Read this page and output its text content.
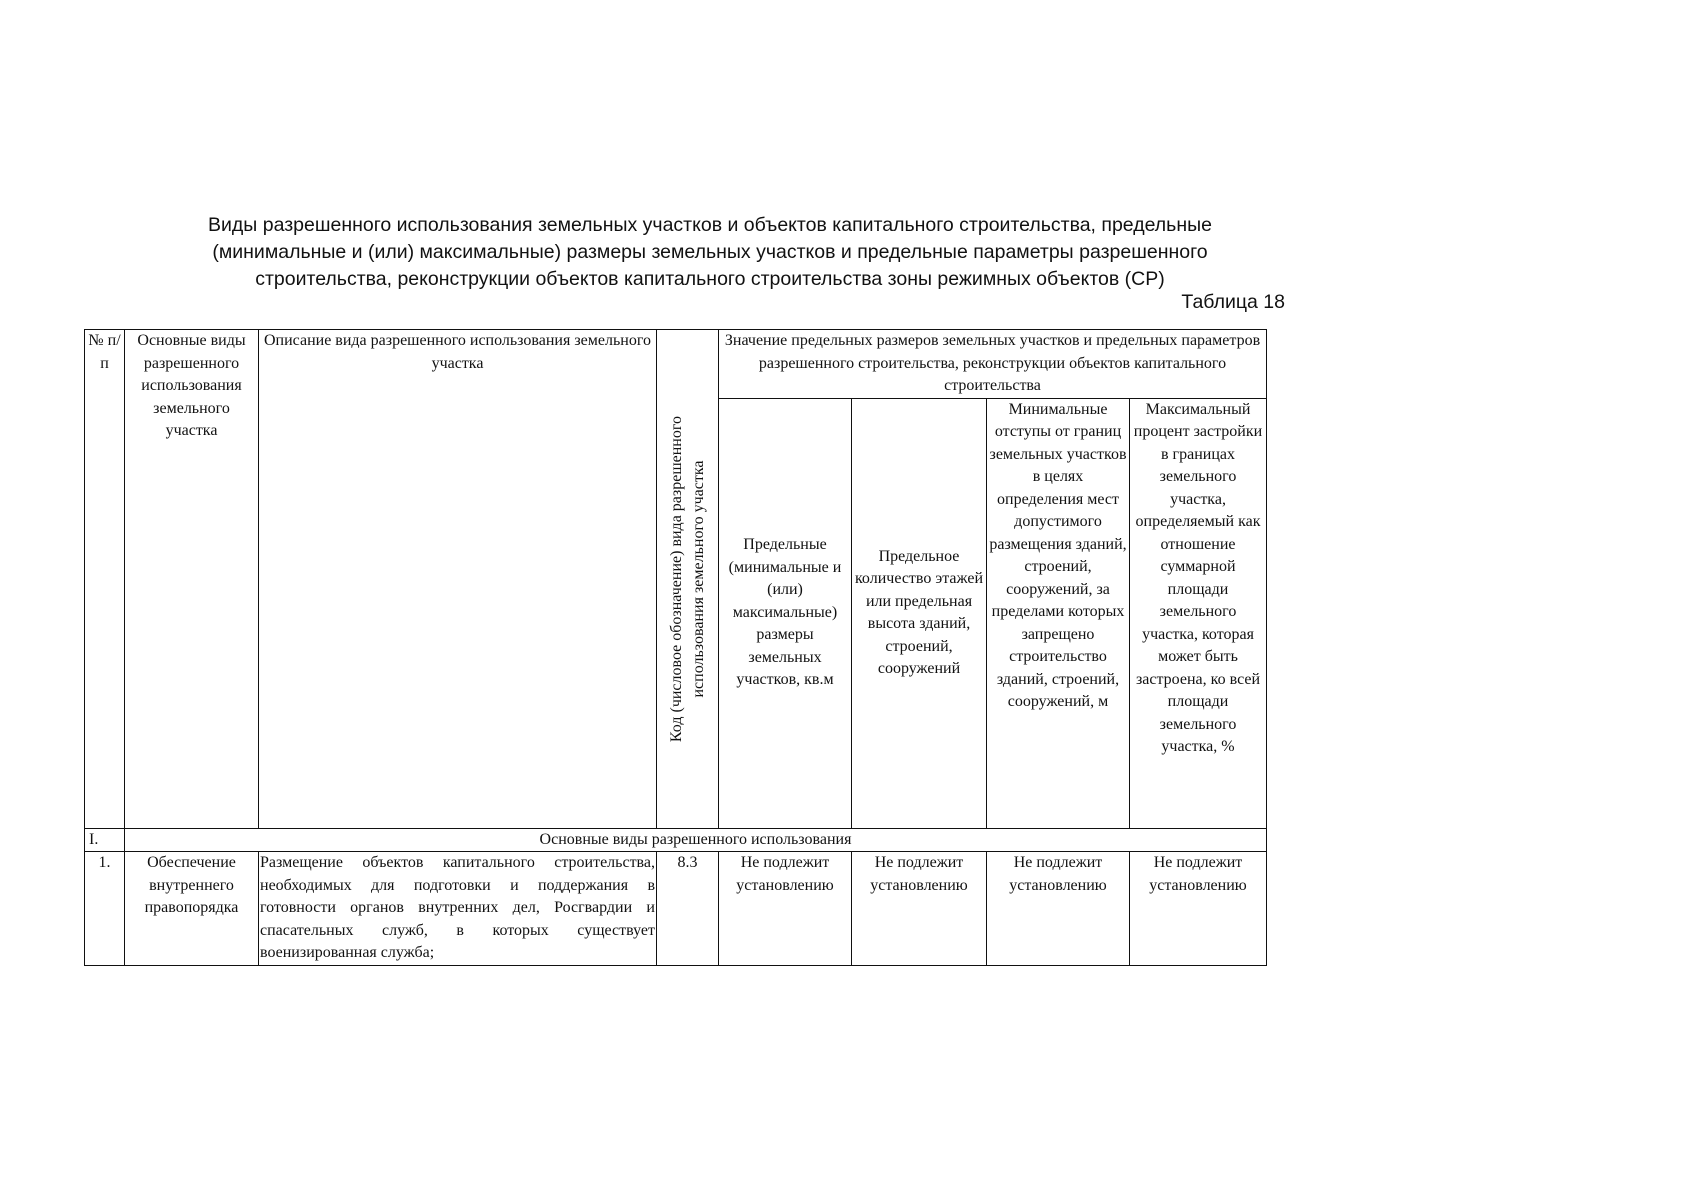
Виды разрешенного использования земельных участков и объектов капитального строительства, предельные
(минимальные и (или) максимальные) размеры земельных участков и предельные параметры разрешенного
строительства, реконструкции объектов капитального строительства зоны режимных объектов (СР)
Таблица 18
№ п/п	Основные виды разрешенного использования земельного участка	Описание вида разрешенного использования земельного участка	Код (числовое обозначение) вида разрешенного использования земельного участка	Значение предельных размеров земельных участков и предельных параметров разрешенного строительства, реконструкции объектов капитального строительства			
				Предельные (минимальные и (или) максимальные) размеры земельных участков, кв.м	Предельное количество этажей или предельная высота зданий, строений, сооружений	Минимальные отступы от границ земельных участков в целях определения мест допустимого размещения зданий, строений, сооружений, за пределами которых запрещено строительство зданий, строений, сооружений, м	Максимальный процент застройки в границах земельного участка, определяемый как отношение суммарной площади земельного участка, которая может быть застроена, ко всей площади земельного участка, %
I.	Основные виды разрешенного использования						
1.	Обеспечение внутреннего правопорядка	Размещение объектов капитального строительства, необходимых для подготовки и поддержания в готовности органов внутренних дел, Росгвардии и спасательных служб, в которых существует военизированная служба;	8.3	Не подлежит установлению	Не подлежит установлению	Не подлежит установлению	Не подлежит установлению
